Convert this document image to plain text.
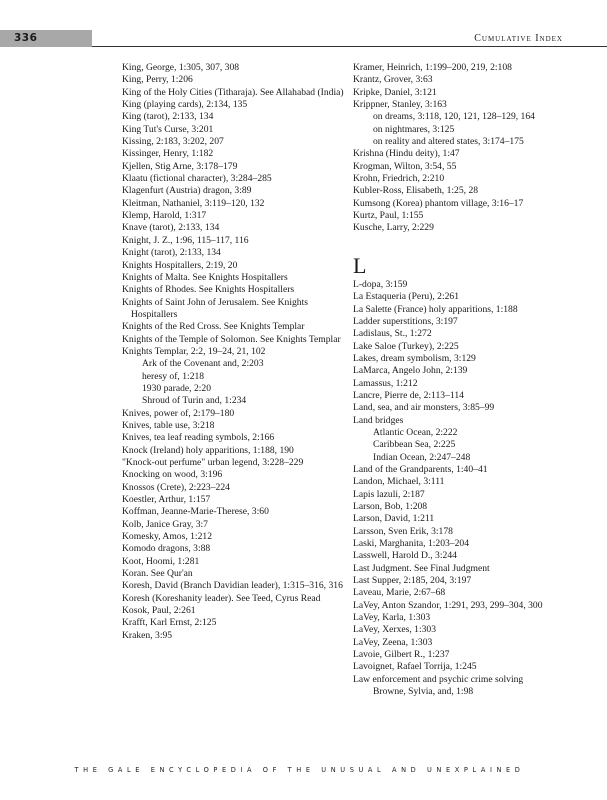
336	Cumulative Index
King, George, 1:305, 307, 308
King, Perry, 1:206
King of the Holy Cities (Titharaja). See Allahabad (India)
King (playing cards), 2:134, 135
King (tarot), 2:133, 134
King Tut's Curse, 3:201
Kissing, 2:183, 3:202, 207
Kissinger, Henry, 1:182
Kjellen, Stig Arne, 3:178–179
Klaatu (fictional character), 3:284–285
Klagenfurt (Austria) dragon, 3:89
Kleitman, Nathaniel, 3:119–120, 132
Klemp, Harold, 1:317
Knave (tarot), 2:133, 134
Knight, J. Z., 1:96, 115–117, 116
Knight (tarot), 2:133, 134
Knights Hospitallers, 2:19, 20
Knights of Malta. See Knights Hospitallers
Knights of Rhodes. See Knights Hospitallers
Knights of Saint John of Jerusalem. See Knights Hospitallers
Knights of the Red Cross. See Knights Templar
Knights of the Temple of Solomon. See Knights Templar
Knights Templar, 2:2, 19–24, 21, 102
Ark of the Covenant and, 2:203
heresy of, 1:218
1930 parade, 2:20
Shroud of Turin and, 1:234
Knives, power of, 2:179–180
Knives, table use, 3:218
Knives, tea leaf reading symbols, 2:166
Knock (Ireland) holy apparitions, 1:188, 190
"Knock-out perfume" urban legend, 3:228–229
Knocking on wood, 3:196
Knossos (Crete), 2:223–224
Koestler, Arthur, 1:157
Koffman, Jeanne-Marie-Therese, 3:60
Kolb, Janice Gray, 3:7
Komesky, Amos, 1:212
Komodo dragons, 3:88
Koot, Hoomi, 1:281
Koran. See Qur'an
Koresh, David (Branch Davidian leader), 1:315–316, 316
Koresh (Koreshanity leader). See Teed, Cyrus Read
Kosok, Paul, 2:261
Krafft, Karl Ernst, 2:125
Kraken, 3:95
Kramer, Heinrich, 1:199–200, 219, 2:108
Krantz, Grover, 3:63
Kripke, Daniel, 3:121
Krippner, Stanley, 3:163
on dreams, 3:118, 120, 121, 128–129, 164
on nightmares, 3:125
on reality and altered states, 3:174–175
Krishna (Hindu deity), 1:47
Krogman, Wilton, 3:54, 55
Krohn, Friedrich, 2:210
Kubler-Ross, Elisabeth, 1:25, 28
Kumsong (Korea) phantom village, 3:16–17
Kurtz, Paul, 1:155
Kusche, Larry, 2:229
L
L-dopa, 3:159
La Estaqueria (Peru), 2:261
La Salette (France) holy apparitions, 1:188
Ladder superstitions, 3:197
Ladislaus, St., 1:272
Lake Saloe (Turkey), 2:225
Lakes, dream symbolism, 3:129
LaMarca, Angelo John, 2:139
Lamassus, 1:212
Lancre, Pierre de, 2:113–114
Land, sea, and air monsters, 3:85–99
Land bridges
Atlantic Ocean, 2:222
Caribbean Sea, 2:225
Indian Ocean, 2:247–248
Land of the Grandparents, 1:40–41
Landon, Michael, 3:111
Lapis lazuli, 2:187
Larson, Bob, 1:208
Larson, David, 1:211
Larsson, Sven Erik, 3:178
Laski, Marghanita, 1:203–204
Lasswell, Harold D., 3:244
Last Judgment. See Final Judgment
Last Supper, 2:185, 204, 3:197
Laveau, Marie, 2:67–68
LaVey, Anton Szandor, 1:291, 293, 299–304, 300
LaVey, Karla, 1:303
LaVey, Xerxes, 1:303
LaVey, Zeena, 1:303
Lavoie, Gilbert R., 1:237
Lavoignet, Rafael Torrija, 1:245
Law enforcement and psychic crime solving
Browne, Sylvia, and, 1:98
THE GALE ENCYCLOPEDIA OF THE UNUSUAL AND UNEXPLAINED
